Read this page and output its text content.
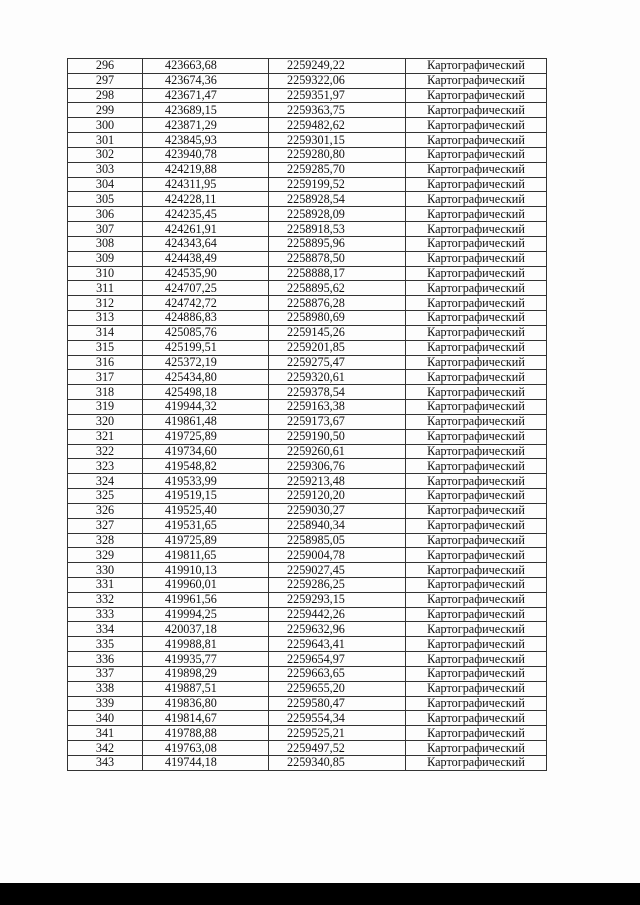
296	423663,68	2259249,22	Картографический
297	423674,36	2259322,06	Картографический
298	423671,47	2259351,97	Картографический
299	423689,15	2259363,75	Картографический
300	423871,29	2259482,62	Картографический
301	423845,93	2259301,15	Картографический
302	423940,78	2259280,80	Картографический
303	424219,88	2259285,70	Картографический
304	424311,95	2259199,52	Картографический
305	424228,11	2258928,54	Картографический
306	424235,45	2258928,09	Картографический
307	424261,91	2258918,53	Картографический
308	424343,64	2258895,96	Картографический
309	424438,49	2258878,50	Картографический
310	424535,90	2258888,17	Картографический
311	424707,25	2258895,62	Картографический
312	424742,72	2258876,28	Картографический
313	424886,83	2258980,69	Картографический
314	425085,76	2259145,26	Картографический
315	425199,51	2259201,85	Картографический
316	425372,19	2259275,47	Картографический
317	425434,80	2259320,61	Картографический
318	425498,18	2259378,54	Картографический
319	419944,32	2259163,38	Картографический
320	419861,48	2259173,67	Картографический
321	419725,89	2259190,50	Картографический
322	419734,60	2259260,61	Картографический
323	419548,82	2259306,76	Картографический
324	419533,99	2259213,48	Картографический
325	419519,15	2259120,20	Картографический
326	419525,40	2259030,27	Картографический
327	419531,65	2258940,34	Картографический
328	419725,89	2258985,05	Картографический
329	419811,65	2259004,78	Картографический
330	419910,13	2259027,45	Картографический
331	419960,01	2259286,25	Картографический
332	419961,56	2259293,15	Картографический
333	419994,25	2259442,26	Картографический
334	420037,18	2259632,96	Картографический
335	419988,81	2259643,41	Картографический
336	419935,77	2259654,97	Картографический
337	419898,29	2259663,65	Картографический
338	419887,51	2259655,20	Картографический
339	419836,80	2259580,47	Картографический
340	419814,67	2259554,34	Картографический
341	419788,88	2259525,21	Картографический
342	419763,08	2259497,52	Картографический
343	419744,18	2259340,85	Картографический
